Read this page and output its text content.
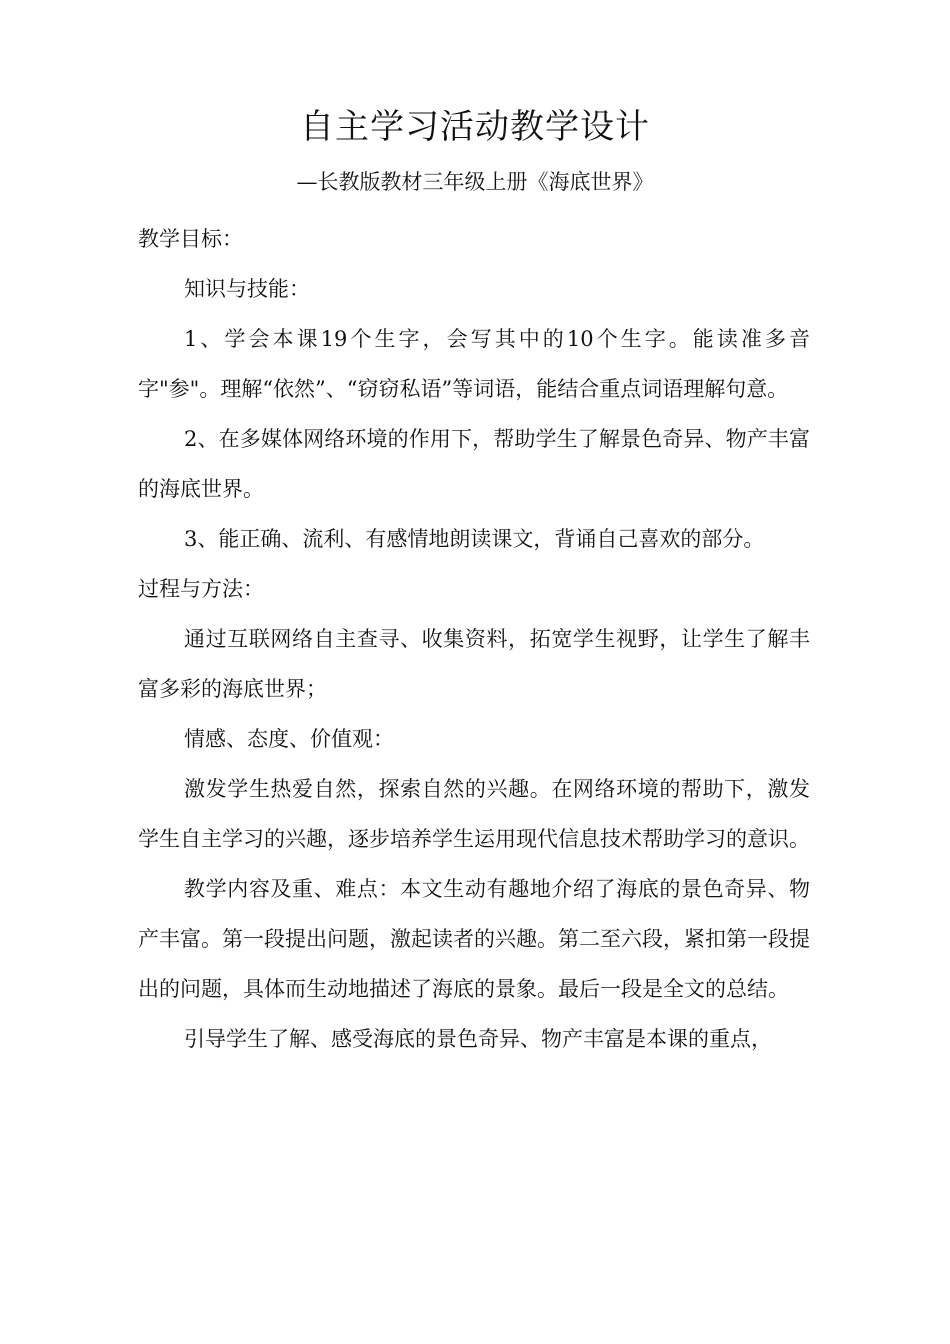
自主学习活动教学设计
—长教版教材三年级上册《海底世界》

教学目标：

知识与技能：

1、学会本课19个生字，会写其中的10个生字。能读准多音字"参"。理解“依然”、“窃窃私语”等词语，能结合重点词语理解句意。

2、在多媒体网络环境的作用下，帮助学生了解景色奇异、物产丰富的海底世界。

3、能正确、流利、有感情地朗读课文，背诵自己喜欢的部分。

过程与方法：

通过互联网络自主查寻、收集资料，拓宽学生视野，让学生了解丰富多彩的海底世界；

情感、态度、价值观：

激发学生热爱自然，探索自然的兴趣。在网络环境的帮助下，激发学生自主学习的兴趣，逐步培养学生运用现代信息技术帮助学习的意识。

教学内容及重、难点：本文生动有趣地介绍了海底的景色奇异、物产丰富。第一段提出问题，激起读者的兴趣。第二至六段，紧扣第一段提出的问题，具体而生动地描述了海底的景象。最后一段是全文的总结。

引导学生了解、感受海底的景色奇异、物产丰富是本课的重点，
